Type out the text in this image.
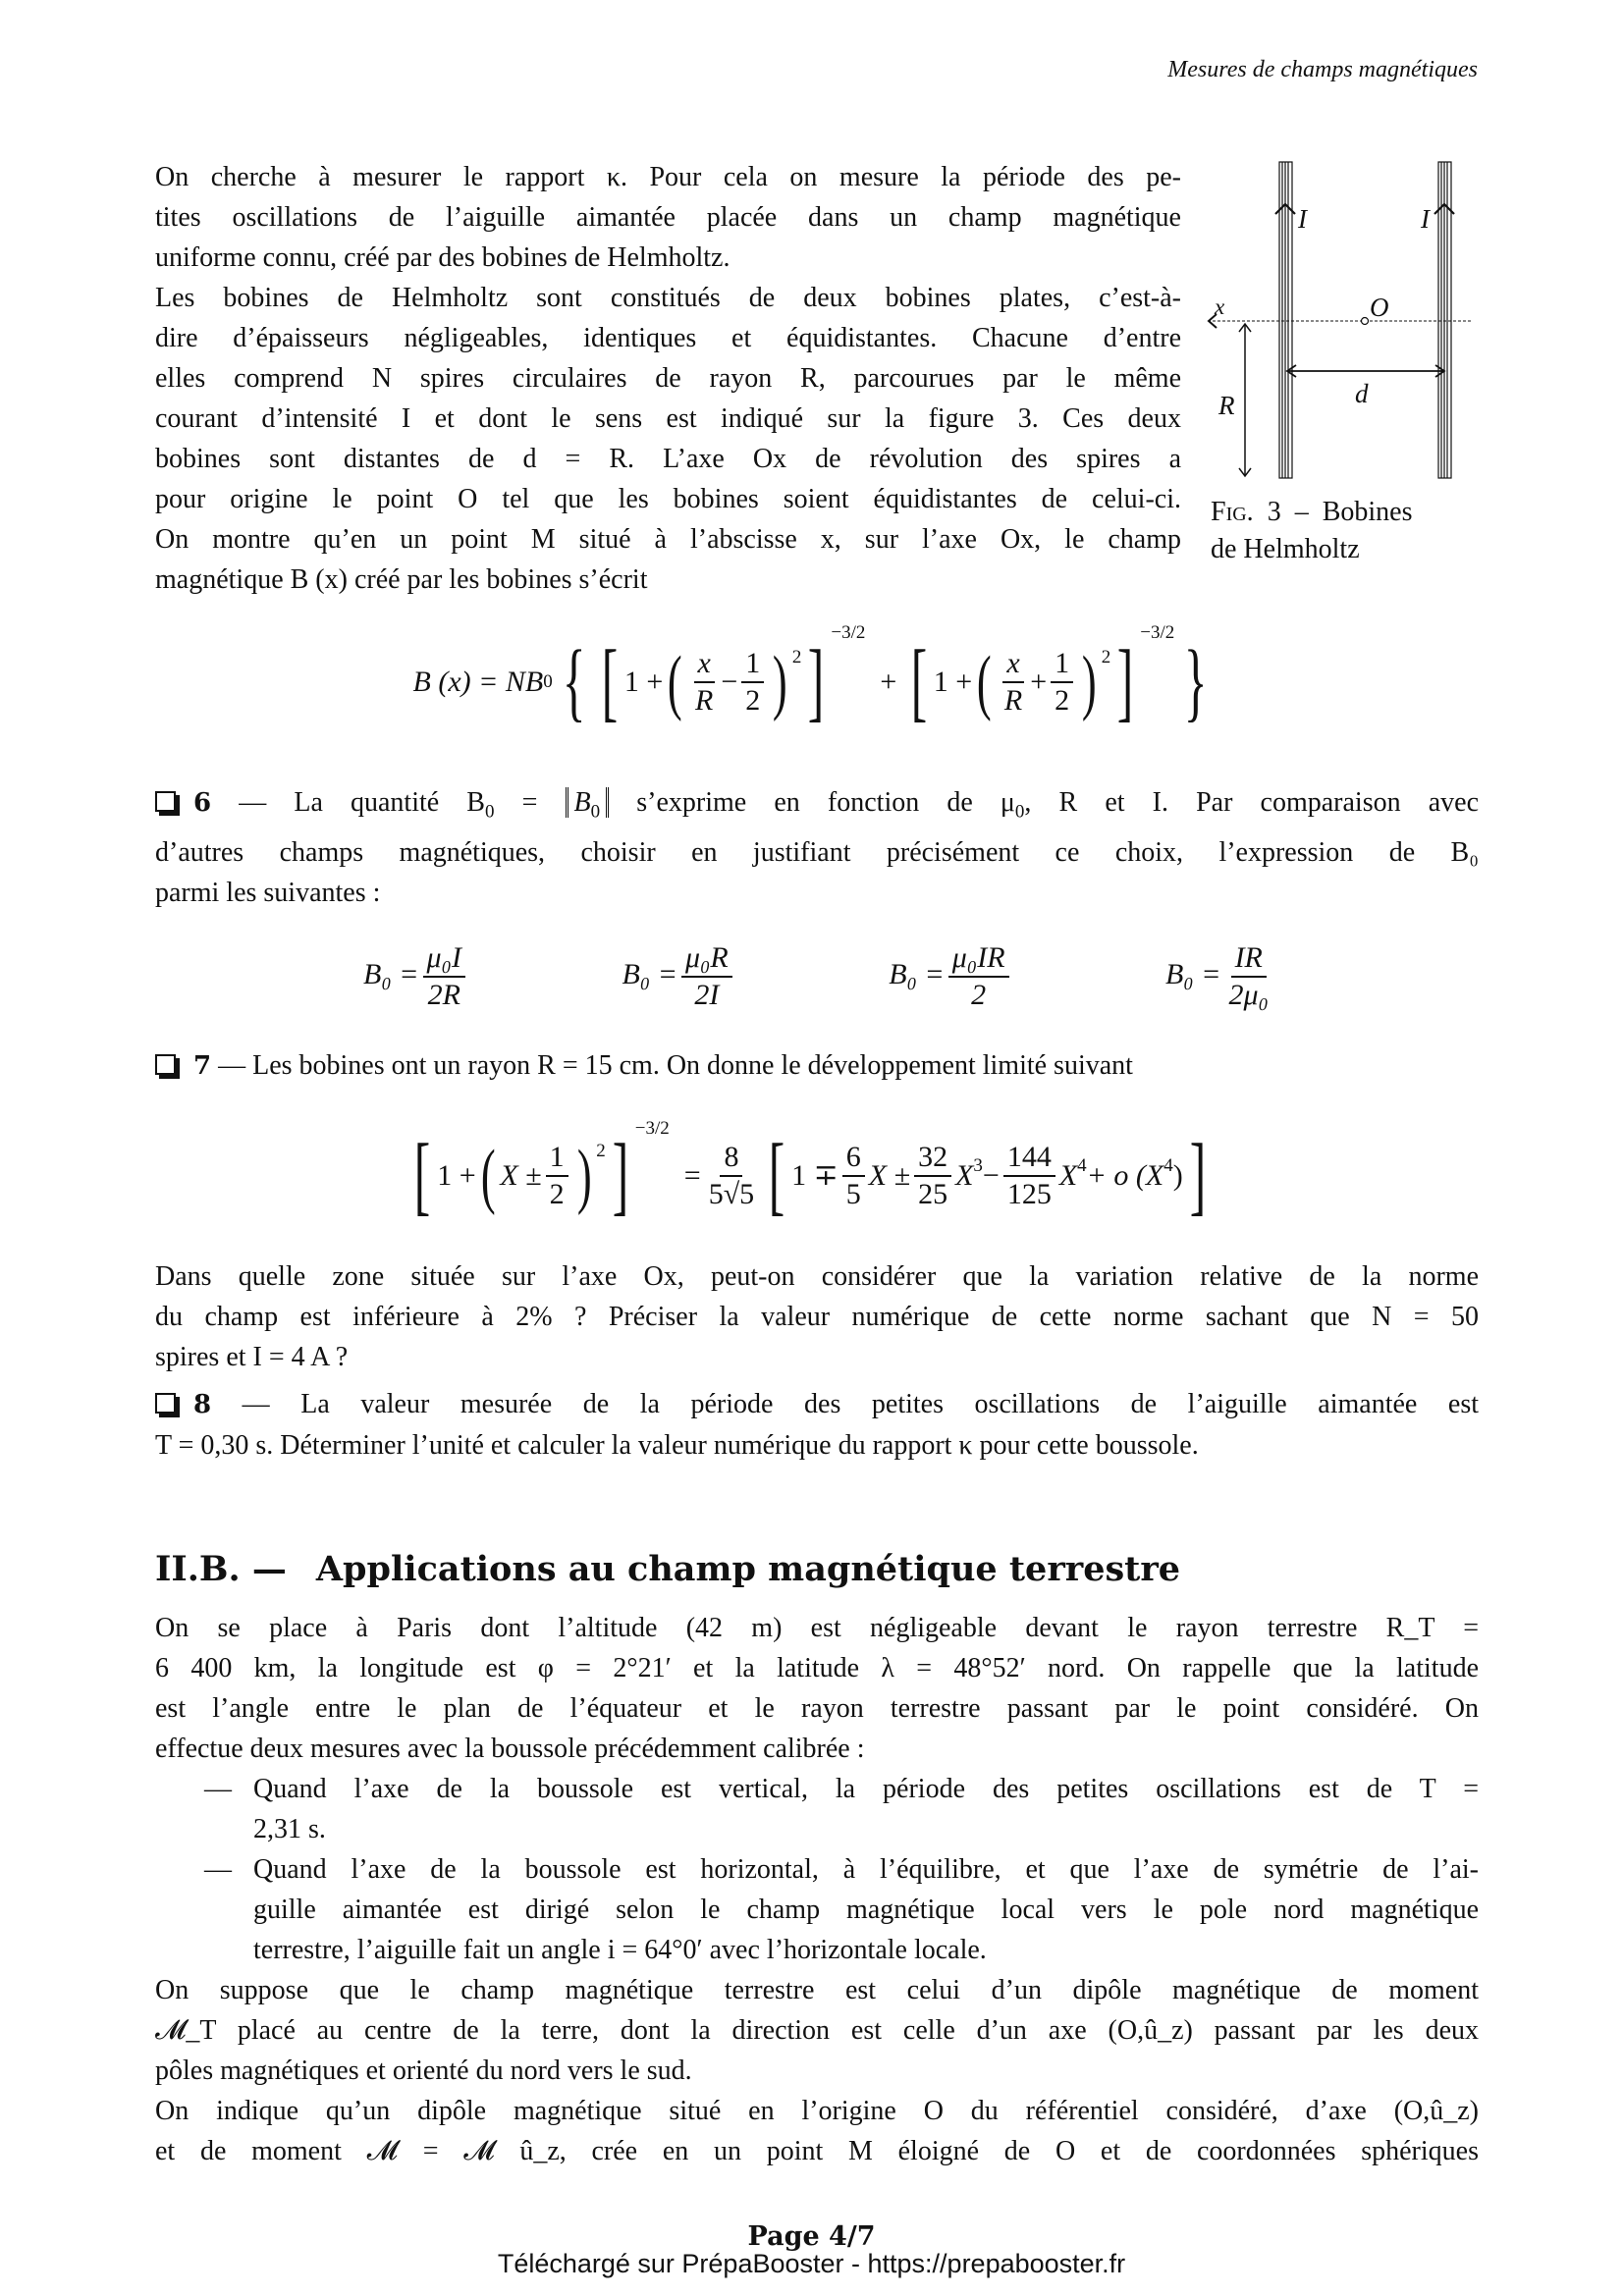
Mesures de champs magnétiques
On cherche à mesurer le rapport κ. Pour cela on mesure la période des pe-
tites oscillations de l’aiguille aimantée placée dans un champ magnétique
uniforme connu, créé par des bobines de Helmholtz.
Les bobines de Helmholtz sont constitués de deux bobines plates, c’est-à-
dire d’épaisseurs négligeables, identiques et équidistantes. Chacune d’entre
elles comprend N spires circulaires de rayon R, parcourues par le même
courant d’intensité I et dont le sens est indiqué sur la figure 3. Ces deux
bobines sont distantes de d = R. L’axe Ox de révolution des spires a
pour origine le point O tel que les bobines soient équidistantes de celui-ci.
On montre qu’en un point M situé à l’abscisse x, sur l’axe Ox, le champ
magnétique B (x) créé par les bobines s’écrit
I	I
x	O
R	d
Fig. 3 – Bobines
de Helmholtz
B (x) = NB 0 { [ 1 + ( $\frac{x}{R} - \frac{1}{2}$ ) $^2$ ]
$^{-3/2}$

+
[ 1 + ( $\frac{x}{R} + \frac{1}{2}$ ) $^2$ ]
$^{-3/2}$
}
6 — La quantité $B_0 = B_0$ s’exprime en fonction de $\mu_0$, R et I. Par comparaison avec
d’autres champs magnétiques, choisir en justifiant précisément ce choix, l’expression de B₀
parmi les suivantes :
$B_0 = \frac{\text{μ₀I}}{2R}$	$B_0 = \frac{\text{μ₀R}}{2I}$	$B_0 = \frac{\text{μ₀IR}}{2}$	$B_0 = \frac{IR}{\text{2μ₀}}$
7 — Les bobines ont un rayon R = 15 cm. On donne le développement limité suivant
[ 1 + ( $X \pm \frac{1}{2}$ ) $^2$ ] $^{-3/2}$

= $\frac{8}{5√5}$ [ $1 \mp \frac{6}{5}$ $X \pm \frac{32}{25} X^3 - \frac{144}{125} X^4 + o$ ($X^4$ ) ]
Dans quelle zone située sur l’axe Ox, peut-on considérer que la variation relative de la norme
du champ est inférieure à 2% ? Préciser la valeur numérique de cette norme sachant que N = 50
spires et I = 4 A ?
8 — La valeur mesurée de la période des petites oscillations de l’aiguille aimantée est
T = 0,30 s. Déterminer l’unité et calculer la valeur numérique du rapport κ pour cette boussole.
II.B. — Applications au champ magnétique terrestre
On se place à Paris dont l’altitude (42 m) est négligeable devant le rayon terrestre R_T =
6 400 km, la longitude est φ = 2°21′ et la latitude λ = 48°52′ nord. On rappelle que la latitude
est l’angle entre le plan de l’équateur et le rayon terrestre passant par le point considéré. On
effectue deux mesures avec la boussole précédemment calibrée :
— Quand l’axe de la boussole est vertical, la période des petites oscillations est de T =
2,31 s.
— Quand l’axe de la boussole est horizontal, à l’équilibre, et que l’axe de symétrie de l’ai-
guille aimantée est dirigé selon le champ magnétique local vers le pole nord magnétique
terrestre, l’aiguille fait un angle i = 64°0′ avec l’horizontale locale.
On suppose que le champ magnétique terrestre est celui d’un dipôle magnétique de moment
𝓜_T placé au centre de la terre, dont la direction est celle d’un axe (O,û_z) passant par les deux
pôles magnétiques et orienté du nord vers le sud.
On indique qu’un dipôle magnétique situé en l’origine O du référentiel considéré, d’axe (O,û_z)
et de moment 𝓜 = 𝓜 û_z, crée en un point M éloigné de O et de coordonnées sphériques
Page 4/7
Téléchargé sur PrépaBooster - https://prepabooster.fr
